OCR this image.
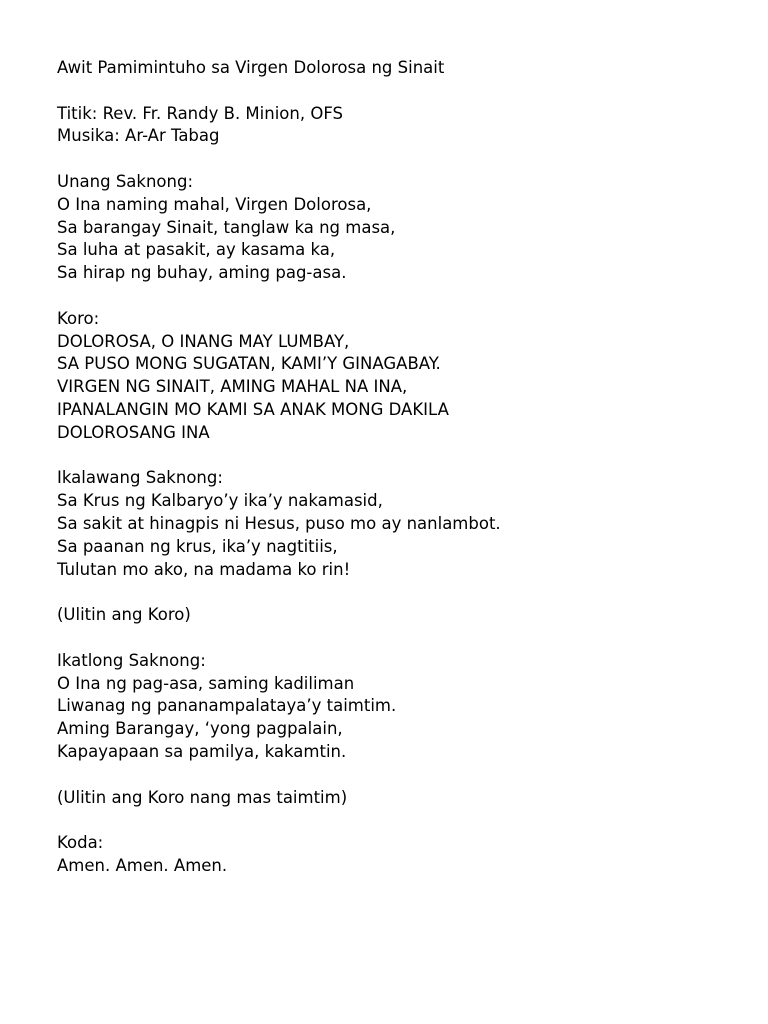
Awit Pamimintuho sa Virgen Dolorosa ng Sinait
Titik: Rev. Fr. Randy B. Minion, OFS
Musika: Ar-Ar Tabag
Unang Saknong:
O Ina naming mahal, Virgen Dolorosa,
Sa barangay Sinait, tanglaw ka ng masa,
Sa luha at pasakit, ay kasama ka,
Sa hirap ng buhay, aming pag-asa.
Koro:
DOLOROSA, O INANG MAY LUMBAY,
SA PUSO MONG SUGATAN, KAMI’Y GINAGABAY.
VIRGEN NG SINAIT, AMING MAHAL NA INA,
IPANALANGIN MO KAMI SA ANAK MONG DAKILA
DOLOROSANG INA
Ikalawang Saknong:
Sa Krus ng Kalbaryo’y ika’y nakamasid,
Sa sakit at hinagpis ni Hesus, puso mo ay nanlambot.
Sa paanan ng krus, ika’y nagtitiis,
Tulutan mo ako, na madama ko rin!
(Ulitin ang Koro)
Ikatlong Saknong:
O Ina ng pag-asa, saming kadiliman
Liwanag ng pananampalataya’y taimtim.
Aming Barangay, ‘yong pagpalain,
Kapayapaan sa pamilya, kakamtin.
(Ulitin ang Koro nang mas taimtim)
Koda:
Amen. Amen. Amen.
